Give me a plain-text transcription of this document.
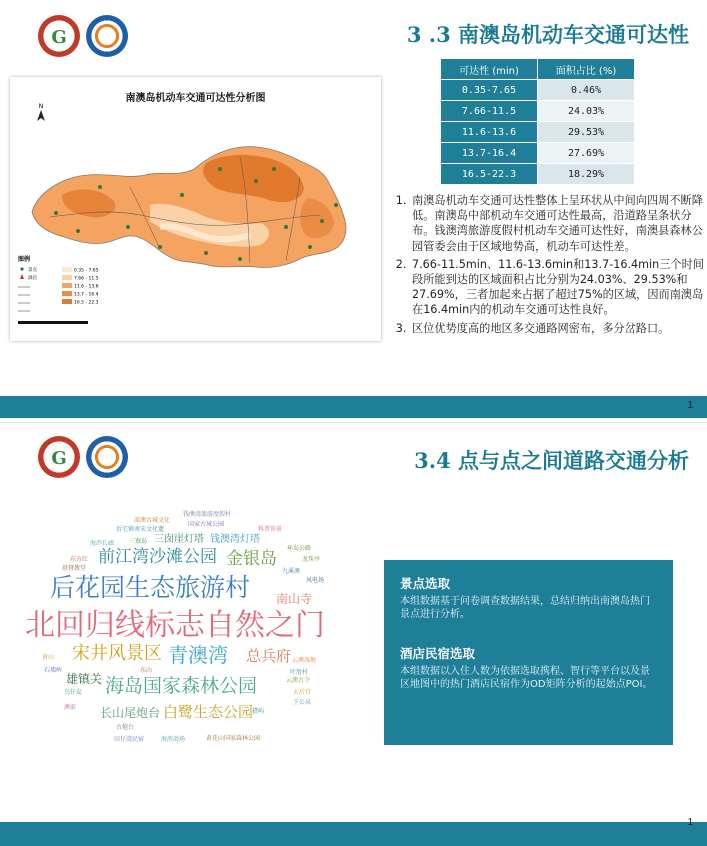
G	3 .3 南澳岛机动车交通可达性
南澳岛机动车交通可达性分析图
N
图例
景点
酒店
0.35 - 7.65
7.66 - 11.5
11.6 - 13.6
13.7 - 16.4
16.5 - 22.3
可达性 (min)	面积占比 (%)
0.35-7.65	0.46%
7.66-11.5	24.03%
11.6-13.6	29.53%
13.7-16.4	27.69%
16.5-22.3	18.29%
1. 南澳岛机动车交通可达性整体上呈环状从中间向四周不断降低。南澳岛中部机动车交通可达性最高，沿道路呈条状分布。钱澳湾旅游度假村机动车交通可达性好，南澳县森林公园管委会由于区域地势高，机动车可达性差。
2. 7.66-11.5min、11.6-13.6min和13.7-16.4min三个时间段所能到达的区域面积占比分别为24.03%、29.53%和27.69%，三者加起来占据了超过75%的区域，因而南澳岛在16.4min内的机动车交通可达性良好。
3. 区位优势度高的地区多交通路网密布，多分岔路口。
1
G	3.4 点与点之间道路交通分析
北回归线标志自然之门
后花园生态旅游村
海岛国家森林公园
前江湾沙滩公园
宋井风景区 青澳湾 总兵府
白鹭生态公园
金银岛
南山寺
长山尾炮台
雄镇关
三囱崖灯塔 钱澳湾灯塔
钱澳湾旅游度假村
深澳古城文化
后宅镇南宋文化遗
国家古城公园
科普馆景
海滨长廊 三寮岛
东方红
环岛公路
基督教堂
龙珠亭
九溪澳
风电场
黄山
叶厝村
东山
石墙岭
鸟仔岛
澳前
天后宫
王公泉
古炮台
田仔湾民宿	海滨浴场	黄花山国家森林公园
猎屿
云澳古寺
云澳湿地
景点选取
本组数据基于问卷调查数据结果，总结归纳出南澳岛热门景点进行分析。
酒店民宿选取
本组数据以入住人数为依据选取携程、智行等平台以及景区地图中的热门酒店民宿作为OD矩阵分析的起始点POI。
1
